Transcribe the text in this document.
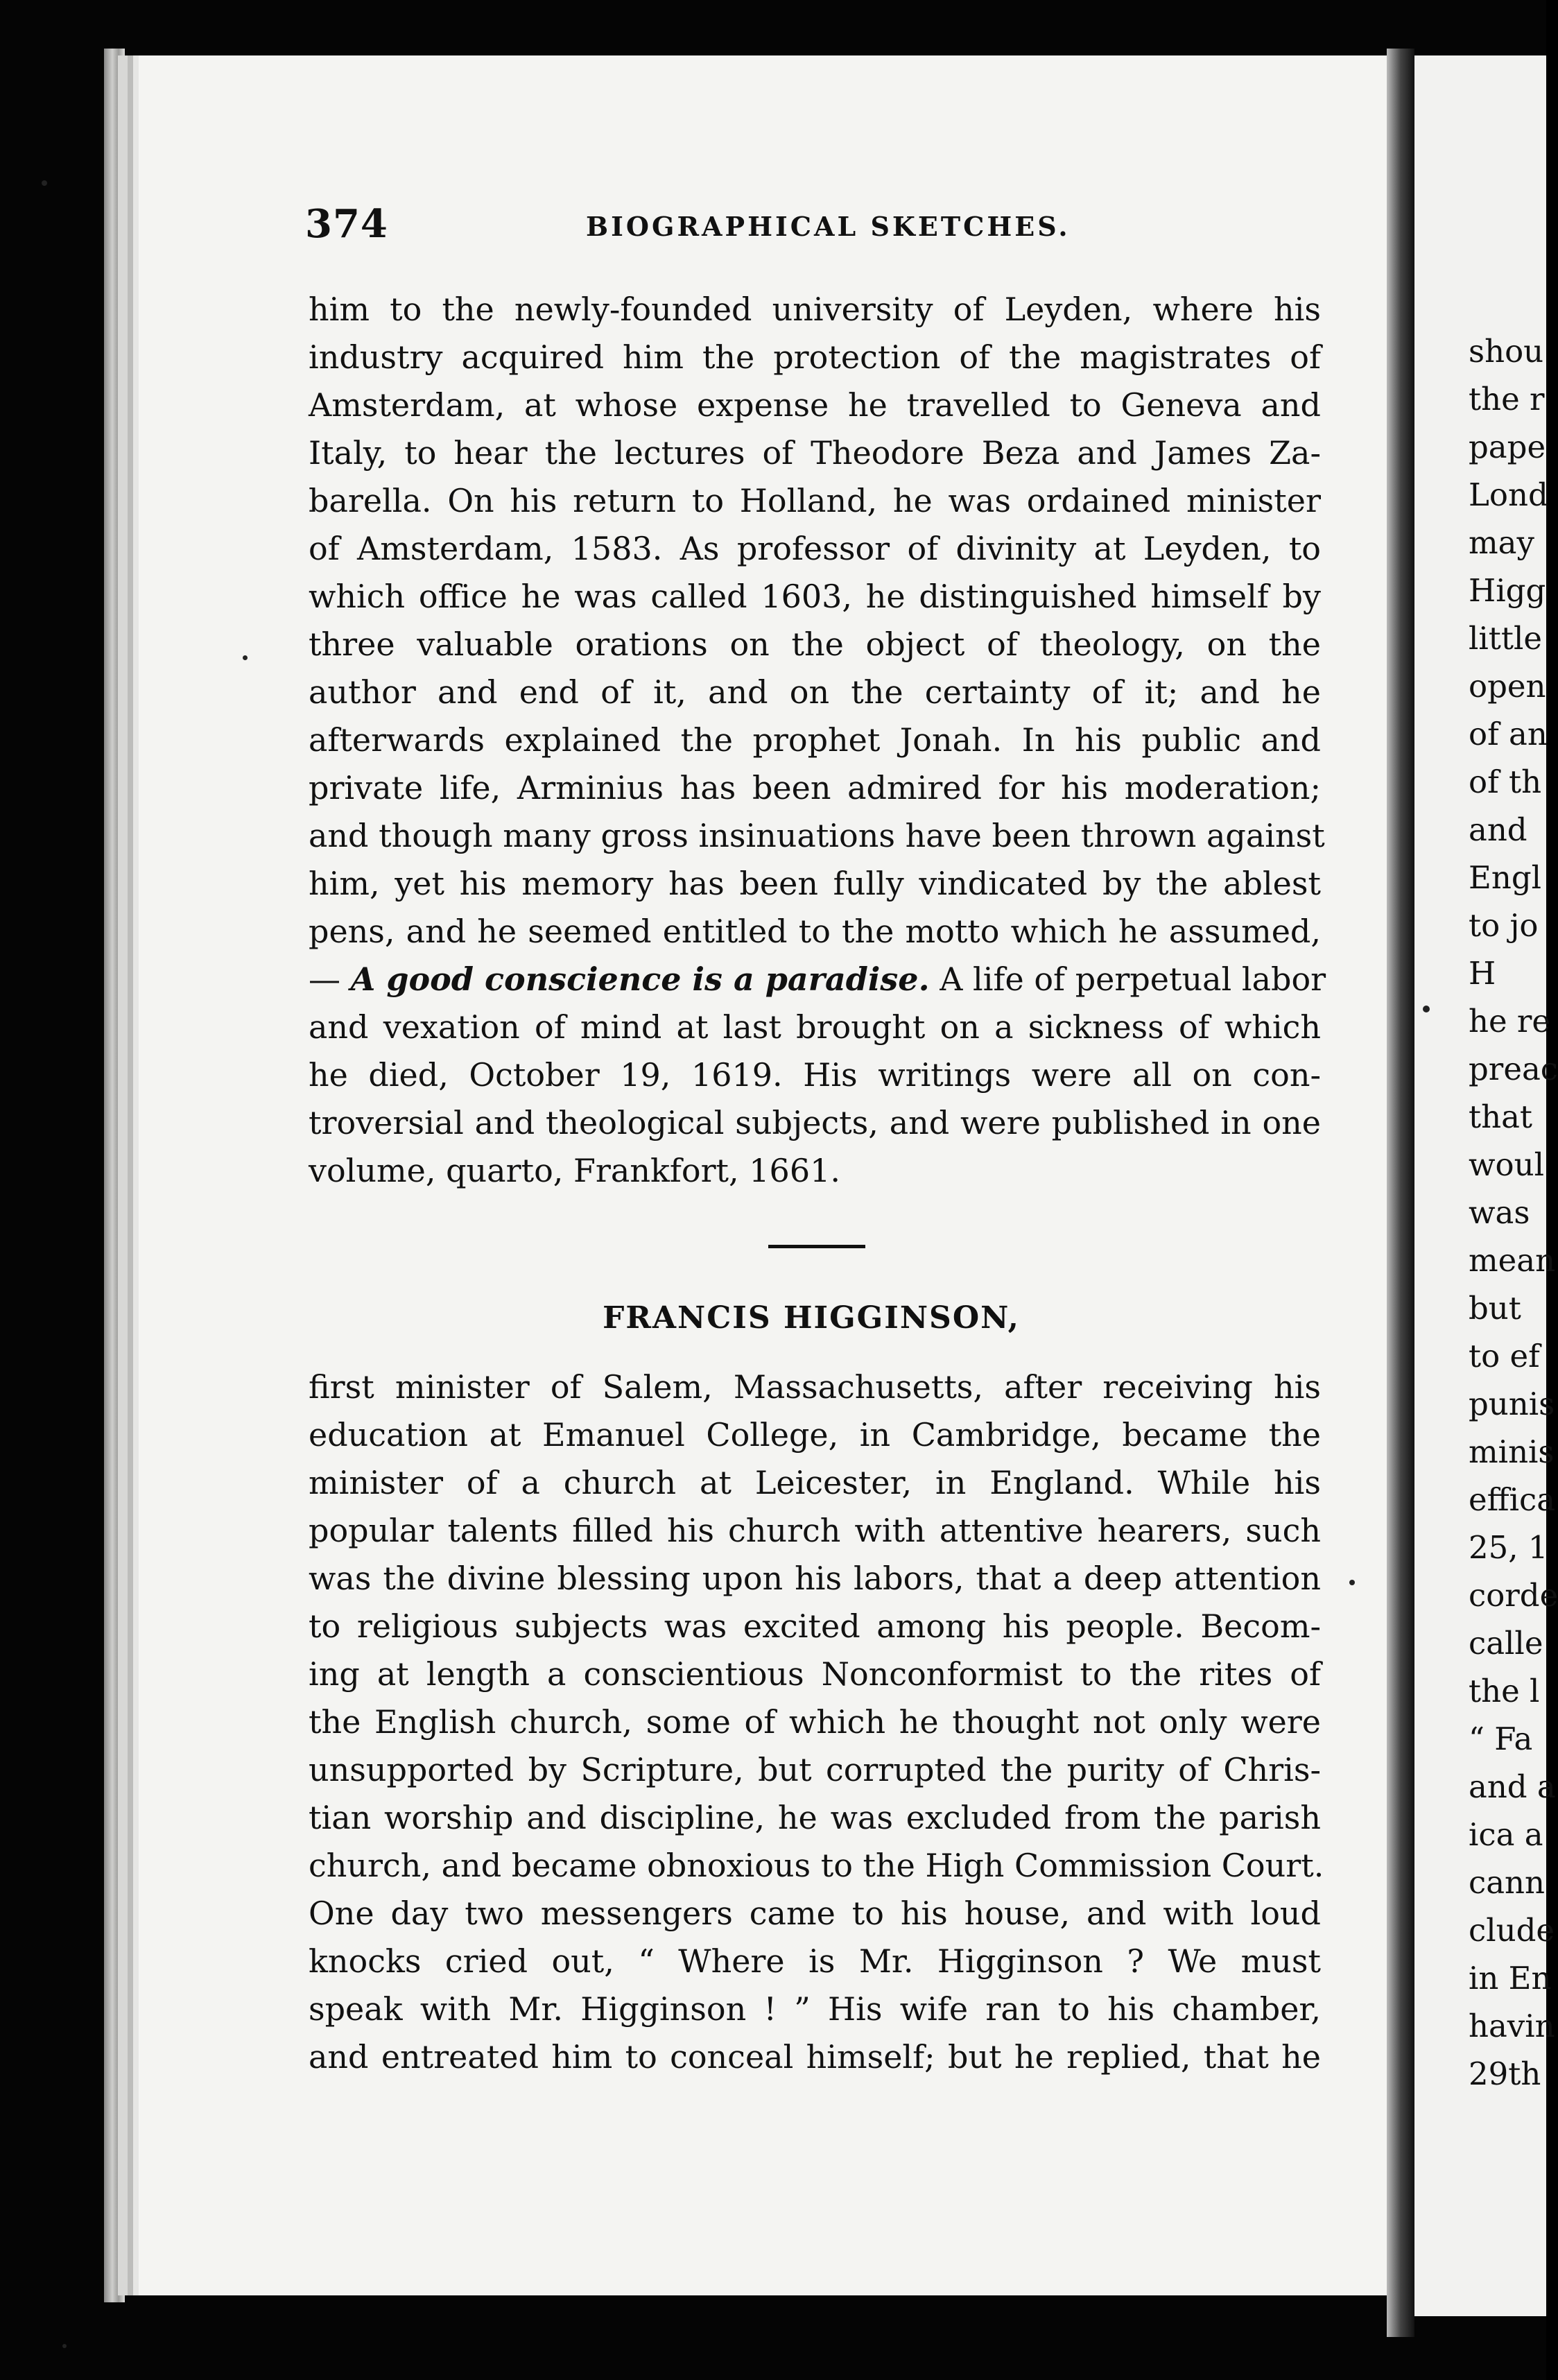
shou
the r
pape
Lond
may
Higg
little
open
of an
of th
and
Engl
to jo
H
he re
preac
that
woul
was
mean
but
to ef
punis
minis
effica
25, 1
corde
calle
the l
“ Fa
and a
ica a
cann
clude
in En
havin
29th
374	BIOGRAPHICAL SKETCHES.
him to the newly-founded university of Leyden, where his
industry acquired him the protection of the magistrates of
Amsterdam, at whose expense he travelled to Geneva and
Italy, to hear the lectures of Theodore Beza and James Za-
barella. On his return to Holland, he was ordained minister
of Amsterdam, 1583. As professor of divinity at Leyden, to
which office he was called 1603, he distinguished himself by
three valuable orations on the object of theology, on the
author and end of it, and on the certainty of it; and he
afterwards explained the prophet Jonah. In his public and
private life, Arminius has been admired for his moderation;
and though many gross insinuations have been thrown against
him, yet his memory has been fully vindicated by the ablest
pens, and he seemed entitled to the motto which he assumed,
— A good conscience is a paradise. A life of perpetual labor
and vexation of mind at last brought on a sickness of which
he died, October 19, 1619. His writings were all on con-
troversial and theological subjects, and were published in one
volume, quarto, Frankfort, 1661.
FRANCIS HIGGINSON,
first minister of Salem, Massachusetts, after receiving his
education at Emanuel College, in Cambridge, became the
minister of a church at Leicester, in England. While his
popular talents filled his church with attentive hearers, such
was the divine blessing upon his labors, that a deep attention
to religious subjects was excited among his people. Becom-
ing at length a conscientious Nonconformist to the rites of
the English church, some of which he thought not only were
unsupported by Scripture, but corrupted the purity of Chris-
tian worship and discipline, he was excluded from the parish
church, and became obnoxious to the High Commission Court.
One day two messengers came to his house, and with loud
knocks cried out, “ Where is Mr. Higginson ? We must
speak with Mr. Higginson ! ” His wife ran to his chamber,
and entreated him to conceal himself; but he replied, that he
